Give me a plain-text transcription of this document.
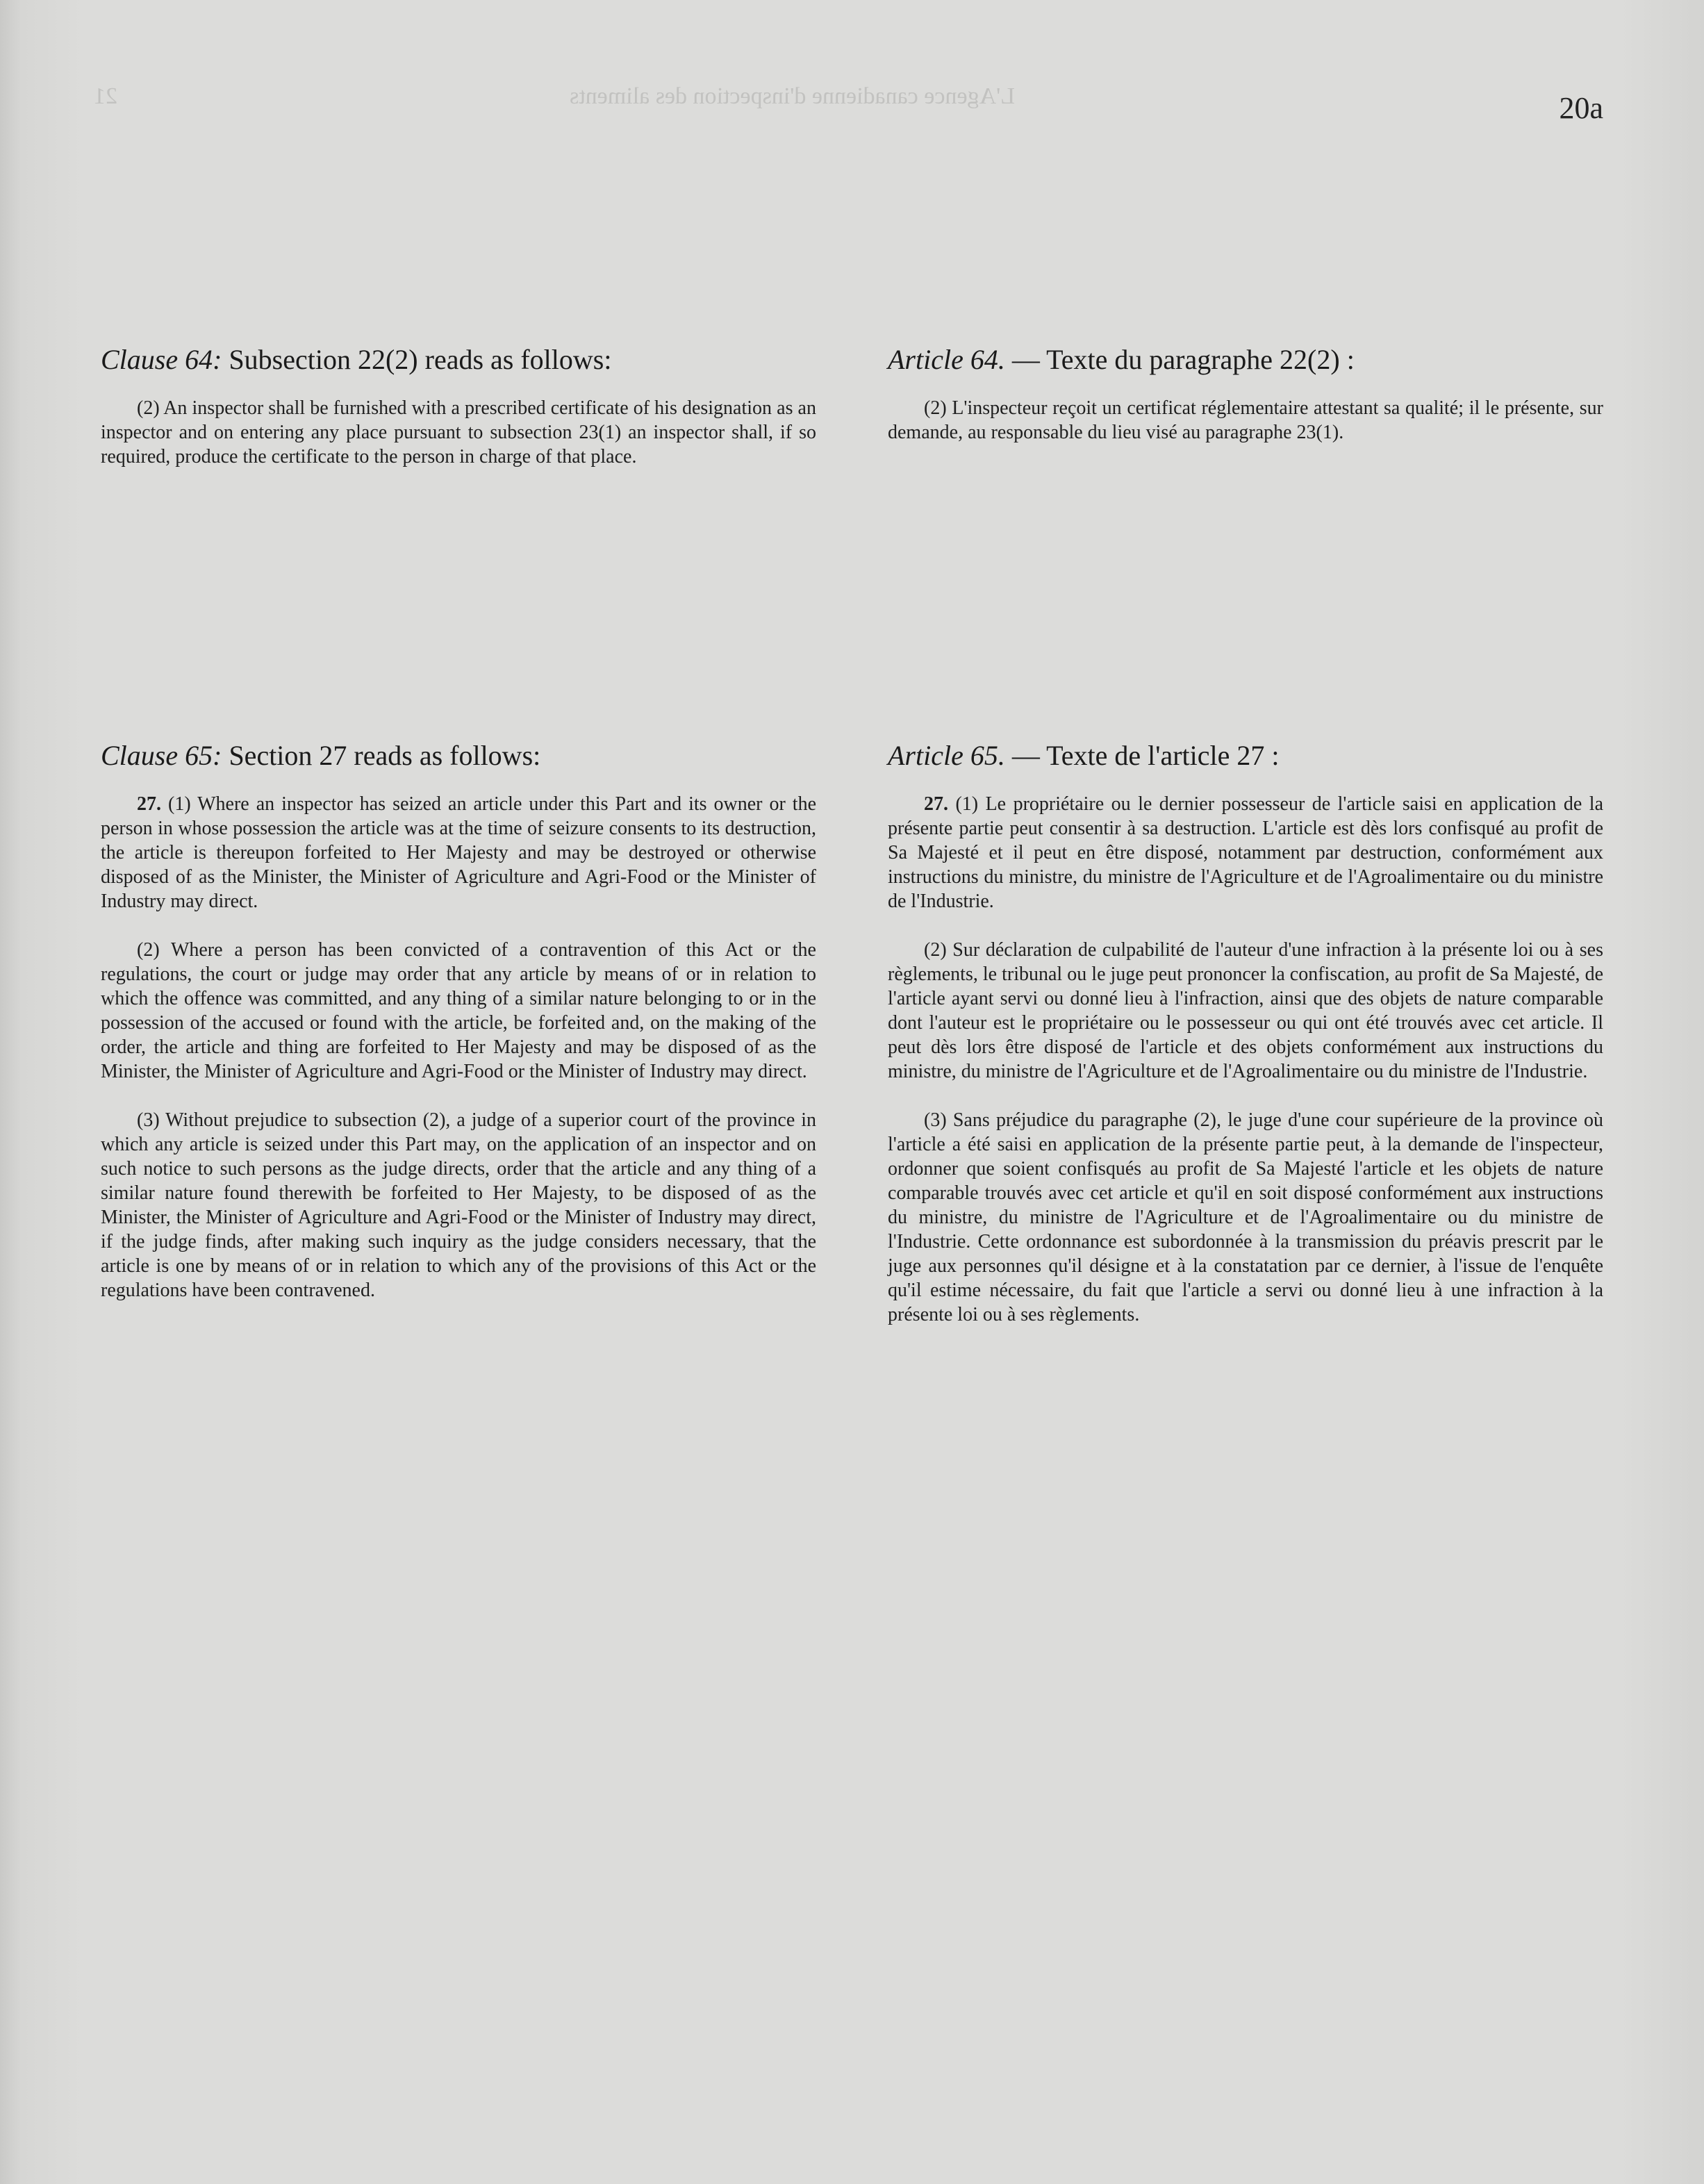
L'Agence canadienne d'inspection des aliments
21	20a
Clause 64: Subsection 22(2) reads as follows:

(2) An inspector shall be furnished with a prescribed certificate of his designation as an inspector and on entering any place pursuant to subsection 23(1) an inspector shall, if so required, produce the certificate to the person in charge of that place.

Clause 65: Section 27 reads as follows:

27. (1) Where an inspector has seized an article under this Part and its owner or the person in whose possession the article was at the time of seizure consents to its destruction, the article is thereupon forfeited to Her Majesty and may be destroyed or otherwise disposed of as the Minister, the Minister of Agriculture and Agri-Food or the Minister of Industry may direct.

(2) Where a person has been convicted of a contravention of this Act or the regulations, the court or judge may order that any article by means of or in relation to which the offence was committed, and any thing of a similar nature belonging to or in the possession of the accused or found with the article, be forfeited and, on the making of the order, the article and thing are forfeited to Her Majesty and may be disposed of as the Minister, the Minister of Agriculture and Agri-Food or the Minister of Industry may direct.

(3) Without prejudice to subsection (2), a judge of a superior court of the province in which any article is seized under this Part may, on the application of an inspector and on such notice to such persons as the judge directs, order that the article and any thing of a similar nature found therewith be forfeited to Her Majesty, to be disposed of as the Minister, the Minister of Agriculture and Agri-Food or the Minister of Industry may direct, if the judge finds, after making such inquiry as the judge considers necessary, that the article is one by means of or in relation to which any of the provisions of this Act or the regulations have been contravened.

Article 64. — Texte du paragraphe 22(2) :

(2) L'inspecteur reçoit un certificat réglementaire attestant sa qualité; il le présente, sur demande, au responsable du lieu visé au paragraphe 23(1).

Article 65. — Texte de l'article 27 :

27. (1) Le propriétaire ou le dernier possesseur de l'article saisi en application de la présente partie peut consentir à sa destruction. L'article est dès lors confisqué au profit de Sa Majesté et il peut en être disposé, notamment par destruction, conformément aux instructions du ministre, du ministre de l'Agriculture et de l'Agroalimentaire ou du ministre de l'Industrie.

(2) Sur déclaration de culpabilité de l'auteur d'une infraction à la présente loi ou à ses règlements, le tribunal ou le juge peut prononcer la confiscation, au profit de Sa Majesté, de l'article ayant servi ou donné lieu à l'infraction, ainsi que des objets de nature comparable dont l'auteur est le propriétaire ou le possesseur ou qui ont été trouvés avec cet article. Il peut dès lors être disposé de l'article et des objets conformément aux instructions du ministre, du ministre de l'Agriculture et de l'Agroalimentaire ou du ministre de l'Industrie.

(3) Sans préjudice du paragraphe (2), le juge d'une cour supérieure de la province où l'article a été saisi en application de la présente partie peut, à la demande de l'inspecteur, ordonner que soient confisqués au profit de Sa Majesté l'article et les objets de nature comparable trouvés avec cet article et qu'il en soit disposé conformément aux instructions du ministre, du ministre de l'Agriculture et de l'Agroalimentaire ou du ministre de l'Industrie. Cette ordonnance est subordonnée à la transmission du préavis prescrit par le juge aux personnes qu'il désigne et à la constatation par ce dernier, à l'issue de l'enquête qu'il estime nécessaire, du fait que l'article a servi ou donné lieu à une infraction à la présente loi ou à ses règlements.
